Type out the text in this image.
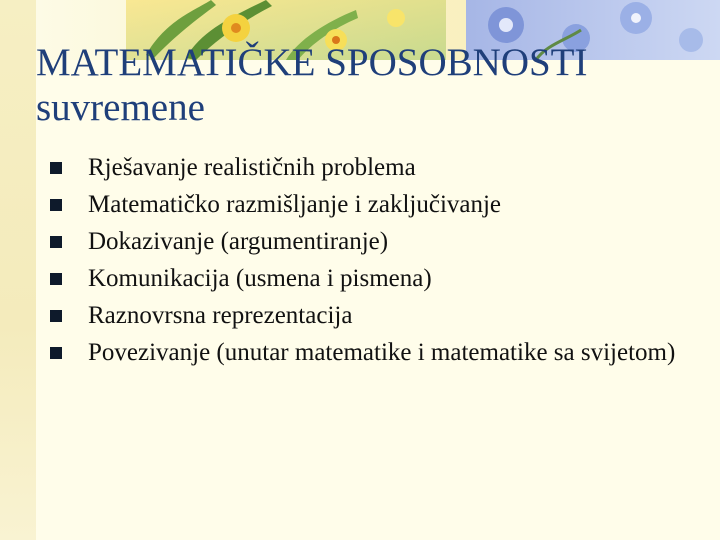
MATEMATIČKE SPOSOBNOSTI
suvremene
Rješavanje realističnih problema
Matematičko razmišljanje i zaključivanje
Dokazivanje (argumentiranje)
Komunikacija (usmena i pismena)
Raznovrsna reprezentacija
Povezivanje (unutar matematike i matematike sa svijetom)
